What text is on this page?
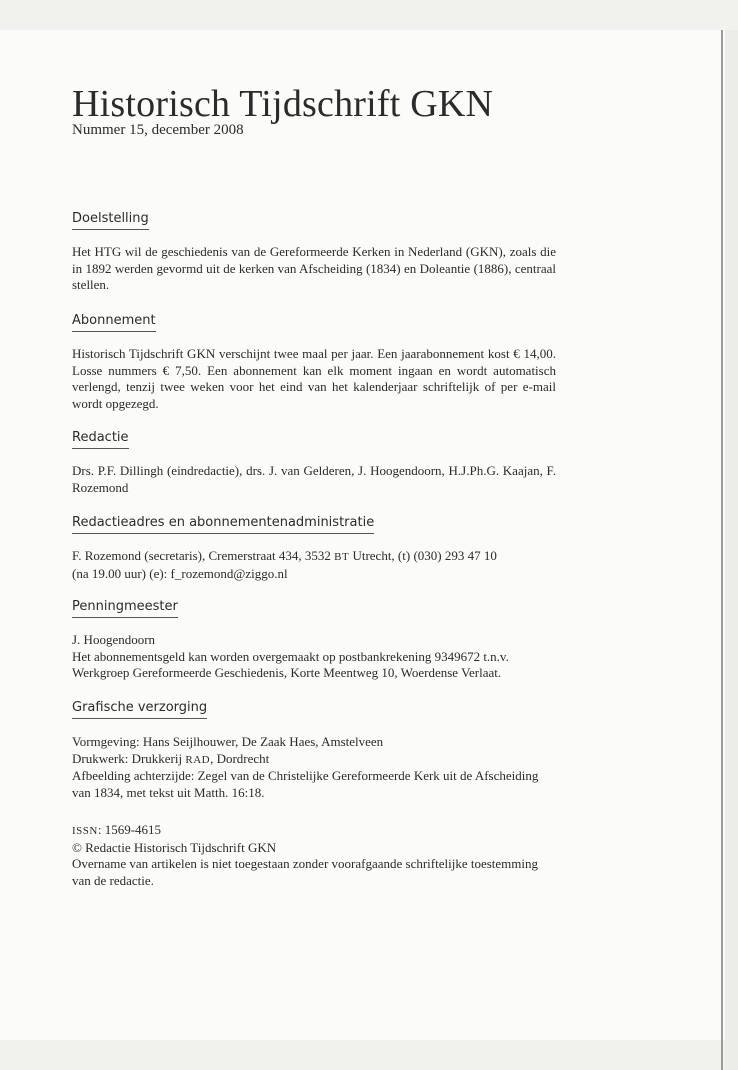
Historisch Tijdschrift GKN

Nummer 15, december 2008

Doelstelling

Het HTG wil de geschiedenis van de Gereformeerde Kerken in Nederland (GKN), zoals die in 1892 werden gevormd uit de kerken van Afscheiding (1834) en Doleantie (1886), centraal stellen.

Abonnement

Historisch Tijdschrift GKN verschijnt twee maal per jaar. Een jaarabonnement kost € 14,00. Losse nummers € 7,50. Een abonnement kan elk moment ingaan en wordt automatisch verlengd, tenzij twee weken voor het eind van het kalenderjaar schriftelijk of per e-mail wordt opgezegd.

Redactie

Drs. P.F. Dillingh (eindredactie), drs. J. van Gelderen, J. Hoogendoorn, H.J.Ph.G. Kaajan, F. Rozemond

Redactieadres en abonnementenadministratie

F. Rozemond (secretaris), Cremerstraat 434, 3532 BT Utrecht, (t) (030) 293 47 10
(na 19.00 uur) (e): f_rozemond@ziggo.nl

Penningmeester

J. Hoogendoorn
Het abonnementsgeld kan worden overgemaakt op postbankrekening 9349672 t.n.v.
Werkgroep Gereformeerde Geschiedenis, Korte Meentweg 10, Woerdense Verlaat.

Grafische verzorging

Vormgeving: Hans Seijlhouwer, De Zaak Haes, Amstelveen
Drukwerk: Drukkerij RAD, Dordrecht
Afbeelding achterzijde: Zegel van de Christelijke Gereformeerde Kerk uit de Afscheiding van 1834, met tekst uit Matth. 16:18.

ISSN: 1569-4615
© Redactie Historisch Tijdschrift GKN
Overname van artikelen is niet toegestaan zonder voorafgaande schriftelijke toestemming van de redactie.
